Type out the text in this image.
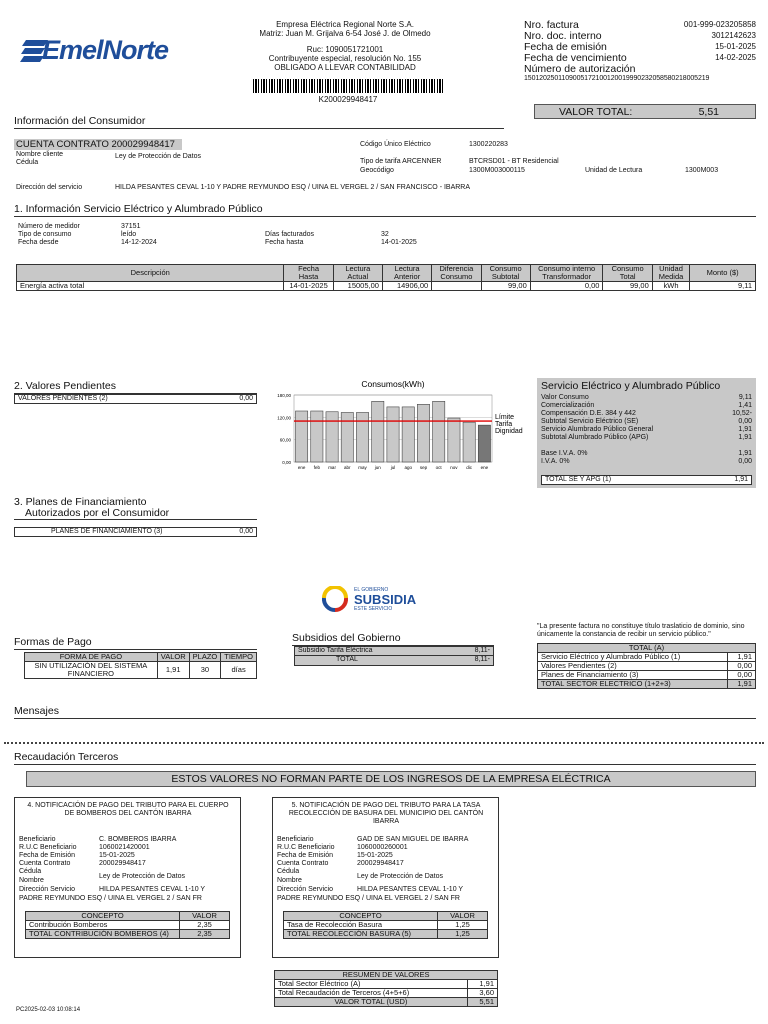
EmelNorte
Empresa Eléctrica Regional Norte S.A.
Matriz: Juan M. Grijalva 6-54 José J. de Olmedo
Ruc: 1090051721001
Contribuyente especial, resolución No. 155
OBLIGADO A LLEVAR CONTABILIDAD
K200029948417
Nro. factura	001-999-023205858
Nro. doc. interno	3012142623
Fecha de emisión	15-01-2025
Fecha de vencimiento	14-02-2025
Número de autorización
1501202501109005172100120019990232058580218005219
Información del Consumidor
VALOR TOTAL:	5,51
CUENTA CONTRATO 200029948417
Nombre cliente
Cédula
Ley de Protección de Datos
Código Único Eléctrico	1300220283
Tipo de tarifa ARCENNER	BTCRSD01 - BT Residencial
Geocódigo	1300M003000115	Unidad de Lectura	1300M003
Dirección del servicio	HILDA PESANTES CEVAL 1-10 Y PADRE REYMUNDO ESQ / UINA EL VERGEL 2 / SAN FRANCISCO - IBARRA
1. Información Servicio Eléctrico y Alumbrado Público
Número de medidor	37151
Tipo de consumo	leído
Fecha desde	14-12-2024
Días facturados	32
Fecha hasta	14-01-2025
Descripción	Fecha Hasta	Lectura Actual	Lectura Anterior	Diferencia Consumo	Consumo Subtotal	Consumo interno Transformador	Consumo Total	Unidad Medida	Monto ($)
Energía activa total	14-01-2025	15005,00	14906,00		99,00	0,00	99,00	kWh	9,11
2. Valores Pendientes
VALORES PENDIENTES (2)	0,00
3. Planes de Financiamiento
Autorizados por el Consumidor
PLANES DE FINANCIAMIENTO (3)	0,00
Consumos(kWh)
0,00
60,00
120,00
180,00
ene feb mar abr may jun jul ago sep oct nov dic ene
Límite
Tarifa
Dignidad
Servicio Eléctrico y Alumbrado Público
Valor Consumo	9,11
Comercialización	1,41
Compensación D.E. 384 y 442	10,52-
Subtotal Servicio Eléctrico (SE)	0,00
Servicio Alumbrado Público General	1,91
Subtotal Alumbrado Público (APG)	1,91
Base I.V.A. 0%	1,91
I.V.A. 0%	0,00
TOTAL SE Y APG (1)	1,91
EL GOBIERNO
SUBSIDIA
ESTE SERVICIO
Formas de Pago
FORMA DE PAGO	VALOR	PLAZO	TIEMPO
SIN UTILIZACIÓN DEL SISTEMA FINANCIERO	1,91	30	días
Subsidios del Gobierno
Subsidio Tarifa Eléctrica	8,11-
TOTAL	8,11-
"La presente factura no constituye título traslaticio de dominio, sino únicamente la constancia de recibir un servicio público."
TOTAL (A)	
Servicio Eléctrico y Alumbrado Público (1)	1,91
Valores Pendientes (2)	0,00
Planes de Financiamiento (3)	0,00
TOTAL SECTOR ELECTRICO (1+2+3)	1,91
Mensajes
Recaudación Terceros
ESTOS VALORES NO FORMAN PARTE DE LOS INGRESOS DE LA EMPRESA ELÉCTRICA
4. NOTIFICACIÓN DE PAGO DEL TRIBUTO PARA EL CUERPO DE BOMBEROS DEL CANTÓN IBARRA
Beneficiario	C. BOMBEROS IBARRA
R.U.C Beneficiario	1060021420001
Fecha de Emisión	15-01-2025
Cuenta Contrato	200029948417
Cédula
Nombre
Ley de Protección de Datos
Dirección Servicio	HILDA PESANTES CEVAL 1-10 Y
PADRE REYMUNDO ESQ / UINA EL VERGEL 2 / SAN FR
CONCEPTO	VALOR
Contribución Bomberos	2,35
TOTAL CONTRIBUCIÓN BOMBEROS (4)	2,35
5. NOTIFICACIÓN DE PAGO DEL TRIBUTO PARA LA TASA RECOLECCIÓN DE BASURA DEL MUNICIPIO DEL CANTÓN IBARRA
Beneficiario	GAD DE SAN MIGUEL DE IBARRA
R.U.C Beneficiario	1060000260001
Fecha de Emisión	15-01-2025
Cuenta Contrato	200029948417
Cédula
Nombre
Ley de Protección de Datos
Dirección Servicio	HILDA PESANTES CEVAL 1-10 Y
PADRE REYMUNDO ESQ / UINA EL VERGEL 2 / SAN FR
CONCEPTO	VALOR
Tasa de Recolección Basura	1,25
TOTAL RECOLECCIÓN BASURA (5)	1,25
RESUMEN DE VALORES	
Total Sector Eléctrico (A)	1,91
Total Recaudación de Terceros (4+5+6)	3,60
VALOR TOTAL (USD)	5,51
PC2025-02-03 10:08:14
